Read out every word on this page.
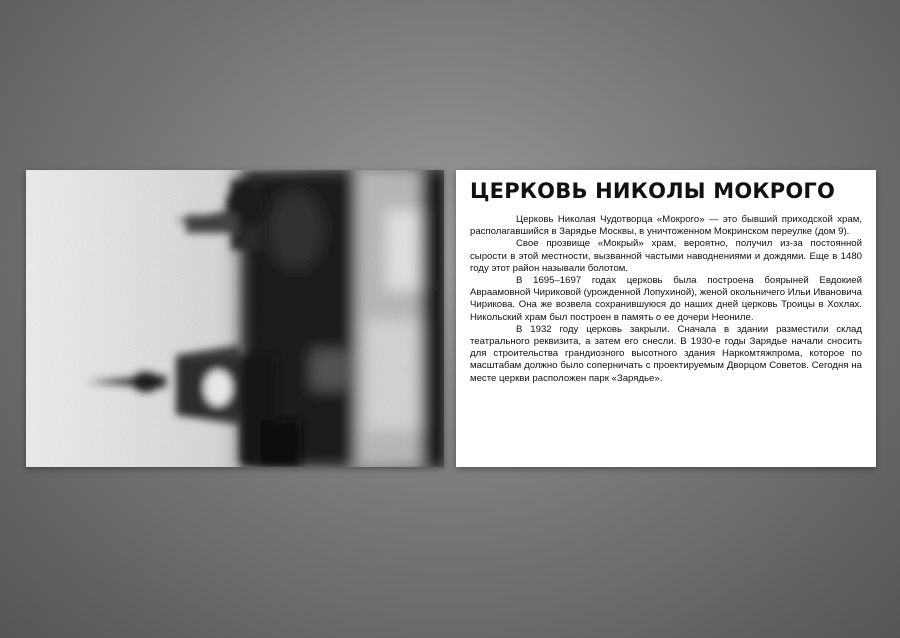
ЦЕРКОВЬ НИКОЛЫ МОКРОГО

Церковь Николая Чудотворца «Мокрого» — это бывший приходской храм, располагавшийся в Зарядье Москвы, в уничтоженном Мокринском переулке (дом 9).

Свое прозвище «Мокрый» храм, вероятно, получил из-за постоянной сырости в этой местности, вызванной частыми наводнениями и дождями. Еще в 1480 году этот район называли болотом.

В 1695–1697 годах церковь была построена боярыней Евдокией Авраамовной Чириковой (урожденной Лопухиной), женой окольничего Ильи Ивановича Чирикова. Она же возвела сохранившуюся до наших дней церковь Троицы в Хохлах. Никольский храм был построен в память о ее дочери Неониле.

В 1932 году церковь закрыли. Сначала в здании разместили склад театрального реквизита, а затем его снесли. В 1930-е годы Зарядье начали сносить для строительства грандиозного высотного здания Наркомтяжпрома, которое по масштабам должно было соперничать с проектируемым Дворцом Советов. Сегодня на месте церкви расположен парк «Зарядье».
